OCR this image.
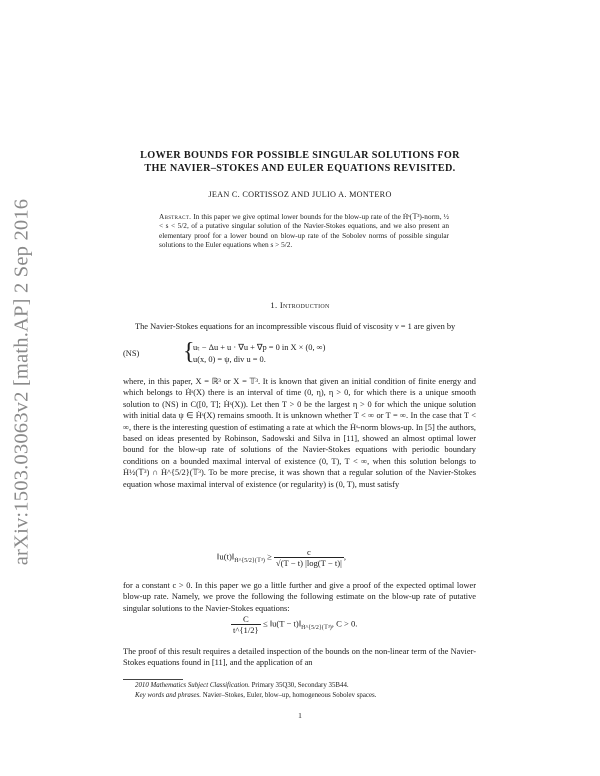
arXiv:1503.03063v2 [math.AP] 2 Sep 2016
LOWER BOUNDS FOR POSSIBLE SINGULAR SOLUTIONS FOR
THE NAVIER–STOKES AND EULER EQUATIONS REVISITED.
JEAN C. CORTISSOZ AND JULIO A. MONTERO
Abstract. In this paper we give optimal lower bounds for the blow-up rate of the Ḣˢ(𝕋³)-norm, ½ < s < 5/2, of a putative singular solution of the Navier-Stokes equations, and we also present an elementary proof for a lower bound on blow-up rate of the Sobolev norms of possible singular solutions to the Euler equations when s > 5/2.
1. Introduction
The Navier-Stokes equations for an incompressible viscous fluid of viscosity ν = 1 are given by
(NS) {
uₜ − Δu + u · ∇u + ∇p = 0 in X × (0, ∞)
u(x, 0) = ψ, div u = 0.
where, in this paper, X = ℝ³ or X = 𝕋³. It is known that given an initial condition of finite energy and which belongs to Ḣˢ(X) there is an interval of time (0, η), η > 0, for which there is a unique smooth solution to (NS) in C([0, T]; Ḣˢ(X)). Let then T > 0 be the largest η > 0 for which the unique solution with initial data ψ ∈ Ḣˢ(X) remains smooth. It is unknown whether T < ∞ or T = ∞. In the case that T < ∞, there is the interesting question of estimating a rate at which the Ḣˢ-norm blows-up. In [5] the authors, based on ideas presented by Robinson, Sadowski and Silva in [11], showed an almost optimal lower bound for the blow-up rate of solutions of the Navier-Stokes equations with periodic boundary conditions on a bounded maximal interval of existence (0, T), T < ∞, when this solution belongs to Ḣ½(𝕋³) ∩ Ḣ^{5/2}(𝕋³). To be more precise, it was shown that a regular solution of the Navier-Stokes equation whose maximal interval of existence (or regularity) is (0, T), must satisfy
$‖u(t)‖_{Ḣ\^{}\{5/2\}(𝕋^3)} \ge \frac{c}{√(T - t) |\log(T - t)|}$ ,
for a constant c > 0. In this paper we go a little further and give a proof of the expected optimal lower blow-up rate. Namely, we prove the following the following estimate on the blow-up rate of putative singular solutions to the Navier-Stokes equations:
$\frac{C}{t\^{}\{1/2\}}$ ≤ ‖u(T − $t)‖_{Ḣ\^{}\{5/2\}(𝕋^3)}$, C > 0.
The proof of this result requires a detailed inspection of the bounds on the non-linear term of the Navier-Stokes equations found in [11], and the application of an
2010 Mathematics Subject Classification. Primary 35Q30, Secondary 35B44.
Key words and phrases. Navier–Stokes, Euler, blow–up, homogeneous Sobolev spaces.
1
